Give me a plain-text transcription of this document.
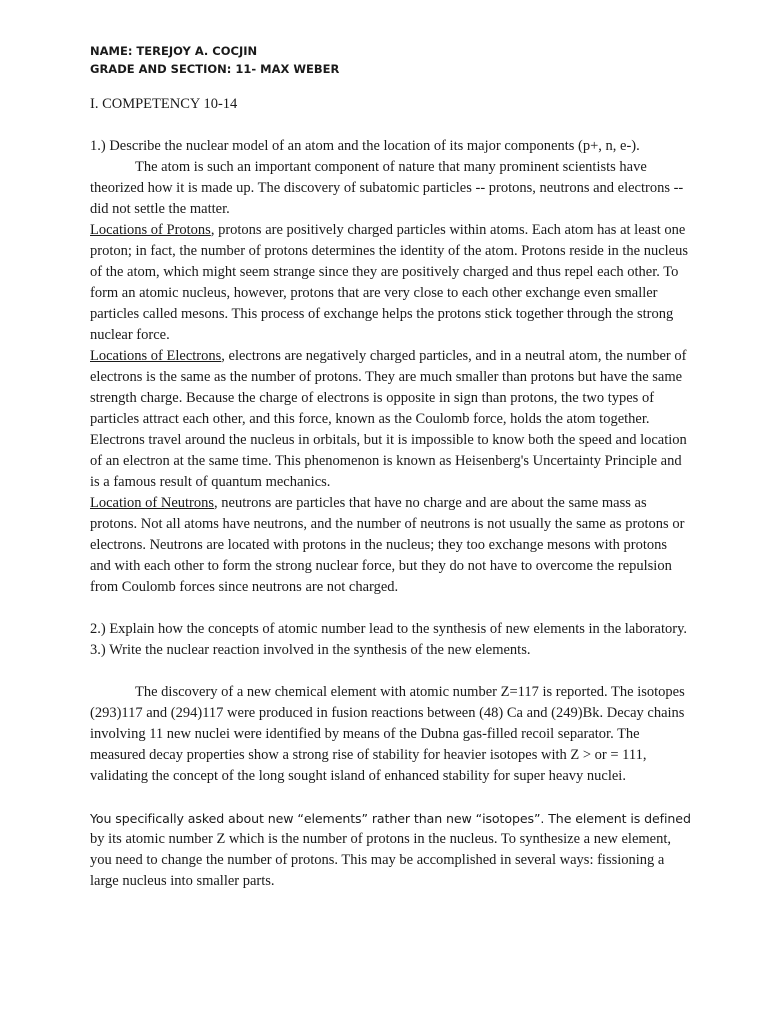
NAME: TEREJOY A. COCJIN
GRADE AND SECTION: 11- MAX WEBER
I. COMPETENCY 10-14
1.) Describe the nuclear model of an atom and the location of its major components (p+, n, e-).
The atom is such an important component of nature that many prominent scientists have theorized how it is made up. The discovery of subatomic particles -- protons, neutrons and electrons -- did not settle the matter.
Locations of Protons, protons are positively charged particles within atoms. Each atom has at least one proton; in fact, the number of protons determines the identity of the atom. Protons reside in the nucleus of the atom, which might seem strange since they are positively charged and thus repel each other. To form an atomic nucleus, however, protons that are very close to each other exchange even smaller particles called mesons. This process of exchange helps the protons stick together through the strong nuclear force.
Locations of Electrons, electrons are negatively charged particles, and in a neutral atom, the number of electrons is the same as the number of protons. They are much smaller than protons but have the same strength charge. Because the charge of electrons is opposite in sign than protons, the two types of particles attract each other, and this force, known as the Coulomb force, holds the atom together. Electrons travel around the nucleus in orbitals, but it is impossible to know both the speed and location of an electron at the same time. This phenomenon is known as Heisenberg's Uncertainty Principle and is a famous result of quantum mechanics.
Location of Neutrons, neutrons are particles that have no charge and are about the same mass as protons. Not all atoms have neutrons, and the number of neutrons is not usually the same as protons or electrons. Neutrons are located with protons in the nucleus; they too exchange mesons with protons and with each other to form the strong nuclear force, but they do not have to overcome the repulsion from Coulomb forces since neutrons are not charged.
2.) Explain how the concepts of atomic number lead to the synthesis of new elements in the laboratory.
3.) Write the nuclear reaction involved in the synthesis of the new elements.
The discovery of a new chemical element with atomic number Z=117 is reported. The isotopes (293)117 and (294)117 were produced in fusion reactions between (48) Ca and (249)Bk. Decay chains involving 11 new nuclei were identified by means of the Dubna gas-filled recoil separator. The measured decay properties show a strong rise of stability for heavier isotopes with Z > or = 111, validating the concept of the long sought island of enhanced stability for super heavy nuclei.
You specifically asked about new “elements” rather than new “isotopes”. The element is defined
by its atomic number Z which is the number of protons in the nucleus. To synthesize a new element, you need to change the number of protons. This may be accomplished in several ways: fissioning a large nucleus into smaller parts.
